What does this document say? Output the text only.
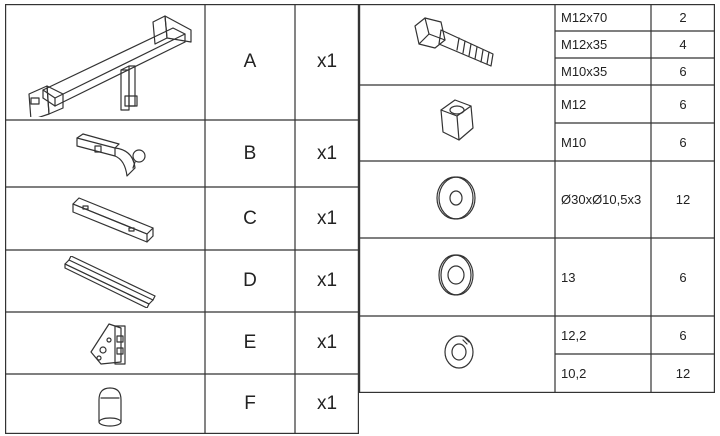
A	x1
B	x1
C	x1
D	x1
E	x1
F	x1
M12x70	2
M12x35	4
M10x35	6
M12	6
M10	6
Ø30xØ10,5x3	12
13	6
12,2	6
10,2	12
